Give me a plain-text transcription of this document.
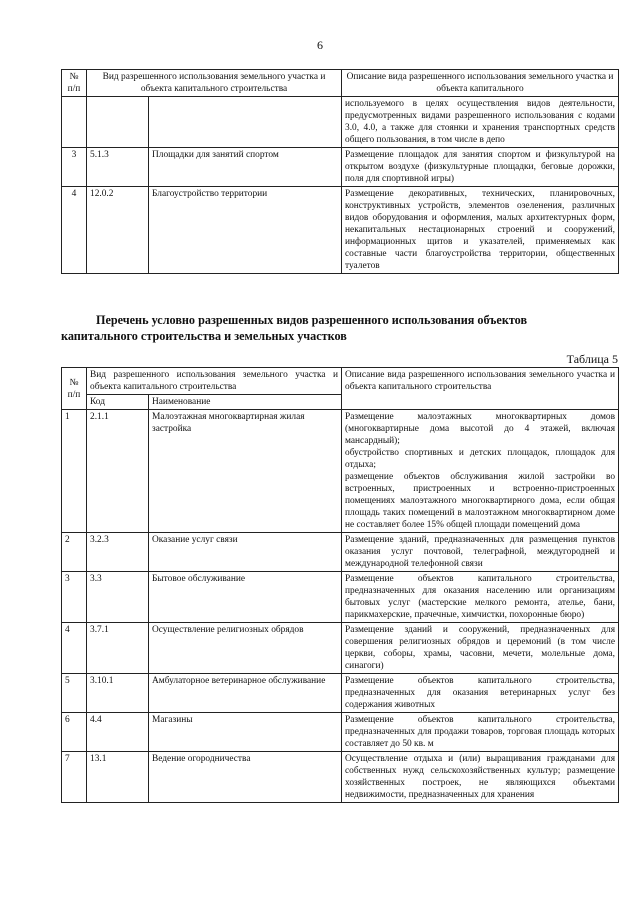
6
№ п/п	Вид разрешенного использования земельного участка и объекта капитального строительства		Описание вида разрешенного использования земельного участка и объекта капитального
			используемого в целях осуществления видов деятельности, предусмотренных видами разрешенного использования с кодами 3.0, 4.0, а также для стоянки и хранения транспортных средств общего пользования, в том числе в депо
3	5.1.3	Площадки для занятий спортом	Размещение площадок для занятия спортом и физкультурой на открытом воздухе (физкультурные площадки, беговые дорожки, поля для спортивной игры)
4	12.0.2	Благоустройство территории	Размещение декоративных, технических, планировочных, конструктивных устройств, элементов озеленения, различных видов оборудования и оформления, малых архитектурных форм, некапитальных нестационарных строений и сооружений, информационных щитов и указателей, применяемых как составные части благоустройства территории, общественных туалетов
Перечень условно разрешенных видов разрешенного использования объектов
капитального строительства и земельных участков
Таблица 5
№ п/п	Вид разрешенного использования земельного участка и объекта капитального строительства		Описание вида разрешенного использования земельного участка и объекта капитального строительства
	Код	Наименование	
1	2.1.1	Малоэтажная многоквартирная жилая застройка	Размещение малоэтажных многоквартирных домов (многоквартирные дома высотой до 4 этажей, включая мансардный);
обустройство спортивных и детских площадок, площадок для отдыха;
размещение объектов обслуживания жилой застройки во встроенных, пристроенных и встроенно-пристроенных помещениях малоэтажного многоквартирного дома, если общая площадь таких помещений в малоэтажном многоквартирном доме не составляет более 15% общей площади помещений дома

2	3.2.3	Оказание услуг связи	Размещение зданий, предназначенных для размещения пунктов оказания услуг почтовой, телеграфной, междугородней и международной телефонной связи
3	3.3	Бытовое обслуживание	Размещение объектов капитального строительства, предназначенных для оказания населению или организациям бытовых услуг (мастерские мелкого ремонта, ателье, бани, парикмахерские, прачечные, химчистки, похоронные бюро)
4	3.7.1	Осуществление религиозных обрядов	Размещение зданий и сооружений, предназначенных для совершения религиозных обрядов и церемоний (в том числе церкви, соборы, храмы, часовни, мечети, молельные дома, синагоги)
5	3.10.1	Амбулаторное ветеринарное обслуживание	Размещение объектов капитального строительства, предназначенных для оказания ветеринарных услуг без содержания животных
6	4.4	Магазины	Размещение объектов капитального строительства, предназначенных для продажи товаров, торговая площадь которых составляет до 50 кв. м
7	13.1	Ведение огородничества	Осуществление отдыха и (или) выращивания гражданами для собственных нужд сельскохозяйственных культур; размещение хозяйственных построек, не являющихся объектами недвижимости, предназначенных для хранения
